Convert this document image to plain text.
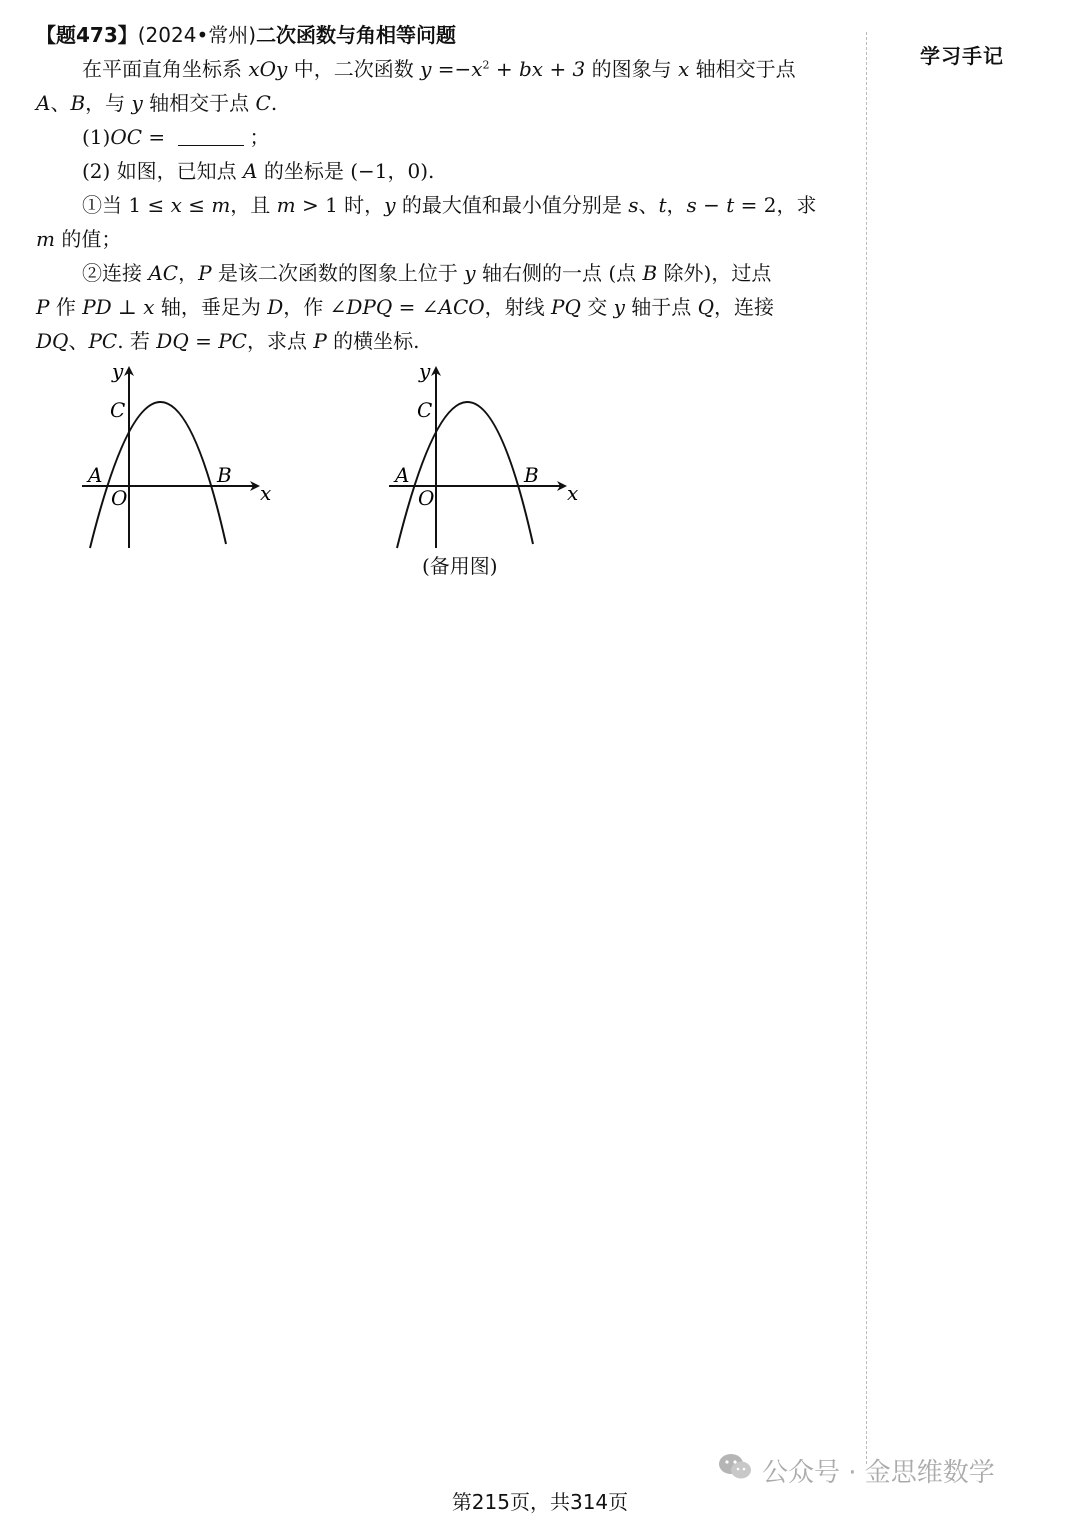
【题473】(2024•常州)二次函数与角相等问题
在平面直角坐标系 xOy 中，二次函数 $y =-x^2$ + bx + 3 的图象与 x 轴相交于点
A、B，与 y 轴相交于点 C.
(1)OC =	；
(2) 如图，已知点 A 的坐标是 (−1，0).
①当 1 ≤ x ≤ m，且 m > 1 时，y 的最大值和最小值分别是 s、t，s − t = 2，求
m 的值；
②连接 AC，P 是该二次函数的图象上位于 y 轴右侧的一点 (点 B 除外)，过点
P 作 PD ⊥ x 轴，垂足为 D，作 ∠DPQ = ∠ACO，射线 PQ 交 y 轴于点 Q，连接
DQ、PC. 若 DQ = PC，求点 P 的横坐标.
y
x
C
A
O
B
y
x
C
A
O
B
(备用图)
学习手记
公众号 · 金思维数学
第215页，共314页
